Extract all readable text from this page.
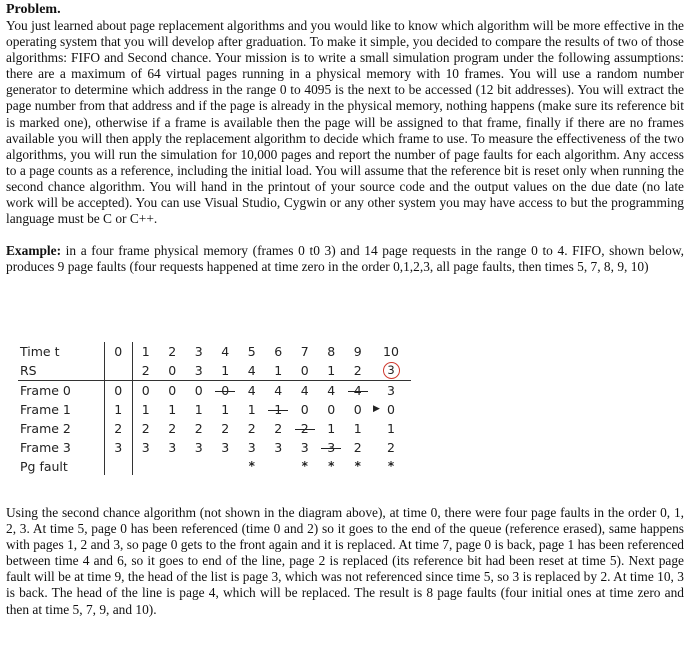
Problem.

You just learned about page replacement algorithms and you would like to know which algorithm will be more effective in the operating system that you will develop after graduation. To make it simple, you decided to compare the results of two of those algorithms: FIFO and Second chance. Your mission is to write a small simulation program under the following assumptions: there are a maximum of 64 virtual pages running in a physical memory with 10 frames. You will use a random number generator to determine which address in the range 0 to 4095 is the next to be accessed (12 bit addresses). You will extract the page number from that address and if the page is already in the physical memory, nothing happens (make sure its reference bit is marked one), otherwise if a frame is available then the page will be assigned to that frame, finally if there are no frames available you will then apply the replacement algorithm to decide which frame to use. To measure the effectiveness of the two algorithms, you will run the simulation for 10,000 pages and report the number of page faults for each algorithm. Any access to a page counts as a reference, including the initial load. You will assume that the reference bit is reset only when running the second chance algorithm. You will hand in the printout of your source code and the output values on the due date (no late work will be accepted). You can use Visual Studio, Cygwin or any other system you may have access to but the programming language must be C or C++.

Example: in a four frame physical memory (frames 0 t0 3) and 14 page requests in the range 0 to 4. FIFO, shown below, produces 9 page faults (four requests happened at time zero in the order 0,1,2,3, all page faults, then times 5, 7, 8, 9, 10)

Time t	0	1	2	3	4	5	6	7	8	9	10
RS		2	0	3	1	4	1	0	1	2	3
Frame 0	0	0	0	0	0	4	4	4	4	4	3
Frame 1	1	1	1	1	1	1	1	0	0	0	▶ 0
Frame 2	2	2	2	2	2	2	2	2	1	1	1
Frame 3	3	3	3	3	3	3	3	3	3	2	2
Pg fault						*		*	*	*	*

Using the second chance algorithm (not shown in the diagram above), at time 0, there were four page faults in the order 0, 1, 2, 3. At time 5, page 0 has been referenced (time 0 and 2) so it goes to the end of the queue (reference erased), same happens with pages 1, 2 and 3, so page 0 gets to the front again and it is replaced. At time 7, page 0 is back, page 1 has been referenced between time 4 and 6, so it goes to end of the line, page 2 is replaced (its reference bit had been reset at time 5). Next page fault will be at time 9, the head of the list is page 3, which was not referenced since time 5, so 3 is replaced by 2. At time 10, 3 is back. The head of the line is page 4, which will be replaced. The result is 8 page faults (four initial ones at time zero and then at time 5, 7, 9, and 10).
